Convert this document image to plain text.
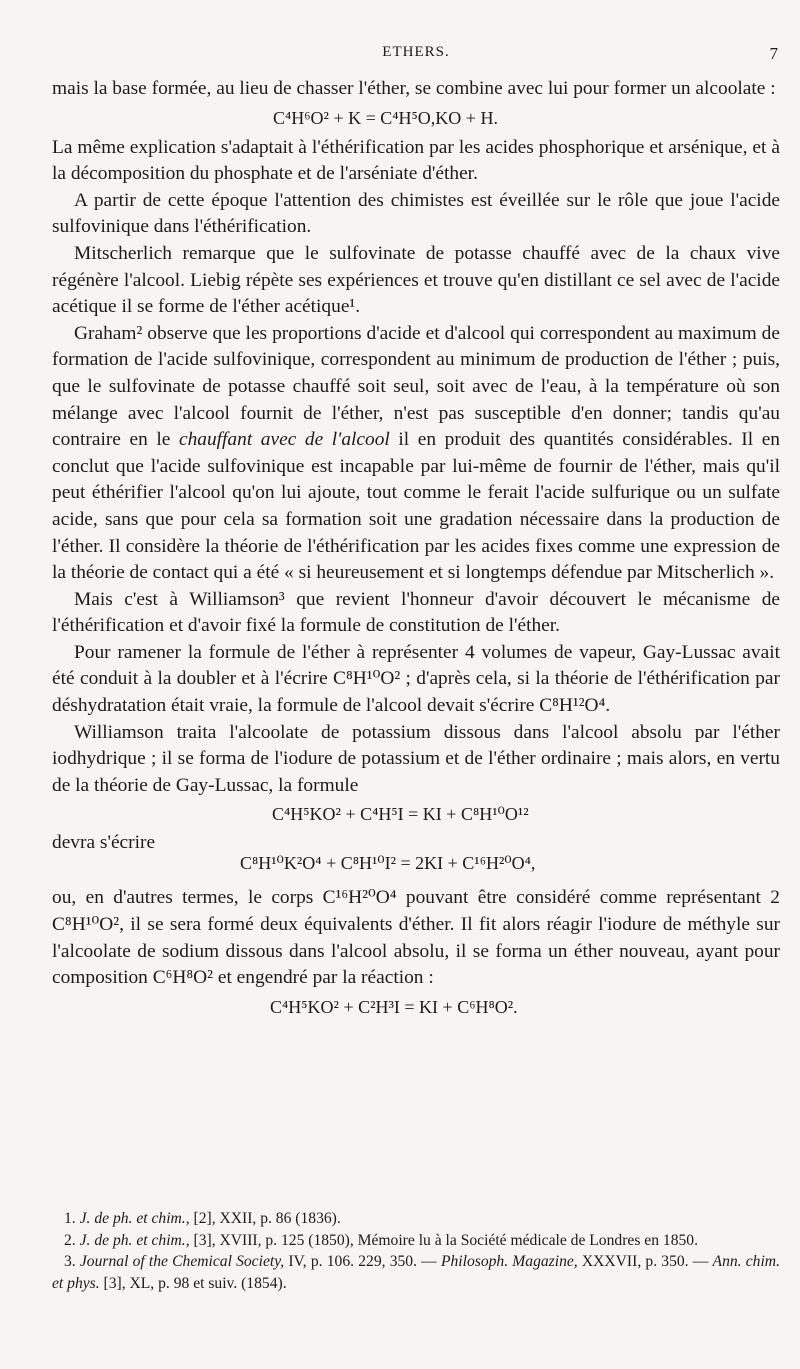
ETHERS.	7

mais la base formée, au lieu de chasser l'éther, se combine avec lui pour former un alcoolate :

C⁴H⁶O² + K = C⁴H⁵O,KO + H.

La même explication s'adaptait à l'éthérification par les acides phosphorique et arsénique, et à la décomposition du phosphate et de l'arséniate d'éther.

A partir de cette époque l'attention des chimistes est éveillée sur le rôle que joue l'acide sulfovinique dans l'éthérification.

Mitscherlich remarque que le sulfovinate de potasse chauffé avec de la chaux vive régénère l'alcool. Liebig répète ses expériences et trouve qu'en distillant ce sel avec de l'acide acétique il se forme de l'éther acétique¹.

Graham² observe que les proportions d'acide et d'alcool qui correspondent au maximum de formation de l'acide sulfovinique, correspondent au minimum de production de l'éther ; puis, que le sulfovinate de potasse chauffé soit seul, soit avec de l'eau, à la température où son mélange avec l'alcool fournit de l'éther, n'est pas susceptible d'en donner; tandis qu'au contraire en le chauffant avec de l'alcool il en produit des quantités considérables. Il en conclut que l'acide sulfovinique est incapable par lui-même de fournir de l'éther, mais qu'il peut éthérifier l'alcool qu'on lui ajoute, tout comme le ferait l'acide sulfurique ou un sulfate acide, sans que pour cela sa formation soit une gradation nécessaire dans la production de l'éther. Il considère la théorie de l'éthérification par les acides fixes comme une expression de la théorie de contact qui a été « si heureusement et si longtemps défendue par Mitscherlich ».

Mais c'est à Williamson³ que revient l'honneur d'avoir découvert le mécanisme de l'éthérification et d'avoir fixé la formule de constitution de l'éther.

Pour ramener la formule de l'éther à représenter 4 volumes de vapeur, Gay-Lussac avait été conduit à la doubler et à l'écrire C⁸H¹⁰O² ; d'après cela, si la théorie de l'éthérification par déshydratation était vraie, la formule de l'alcool devait s'écrire C⁸H¹²O⁴.

Williamson traita l'alcoolate de potassium dissous dans l'alcool absolu par l'éther iodhydrique ; il se forma de l'iodure de potassium et de l'éther ordinaire ; mais alors, en vertu de la théorie de Gay-Lussac, la formule

C⁴H⁵KO² + C⁴H⁵I = KI + C⁸H¹⁰O¹²
devra s'écrire
C⁸H¹⁰K²O⁴ + C⁸H¹⁰I² = 2KI + C¹⁶H²⁰O⁴,

ou, en d'autres termes, le corps C¹⁶H²⁰O⁴ pouvant être considéré comme représentant 2 C⁸H¹⁰O², il se sera formé deux équivalents d'éther. Il fit alors réagir l'iodure de méthyle sur l'alcoolate de sodium dissous dans l'alcool absolu, il se forma un éther nouveau, ayant pour composition C⁶H⁸O² et engendré par la réaction :

C⁴H⁵KO² + C²H³I = KI + C⁶H⁸O².

1. J. de ph. et chim., [2], XXII, p. 86 (1836).

2. J. de ph. et chim., [3], XVIII, p. 125 (1850), Mémoire lu à la Société médicale de Londres en 1850.

3. Journal of the Chemical Society, IV, p. 106. 229, 350. — Philosoph. Magazine, XXXVII, p. 350. — Ann. chim. et phys. [3], XL, p. 98 et suiv. (1854).
